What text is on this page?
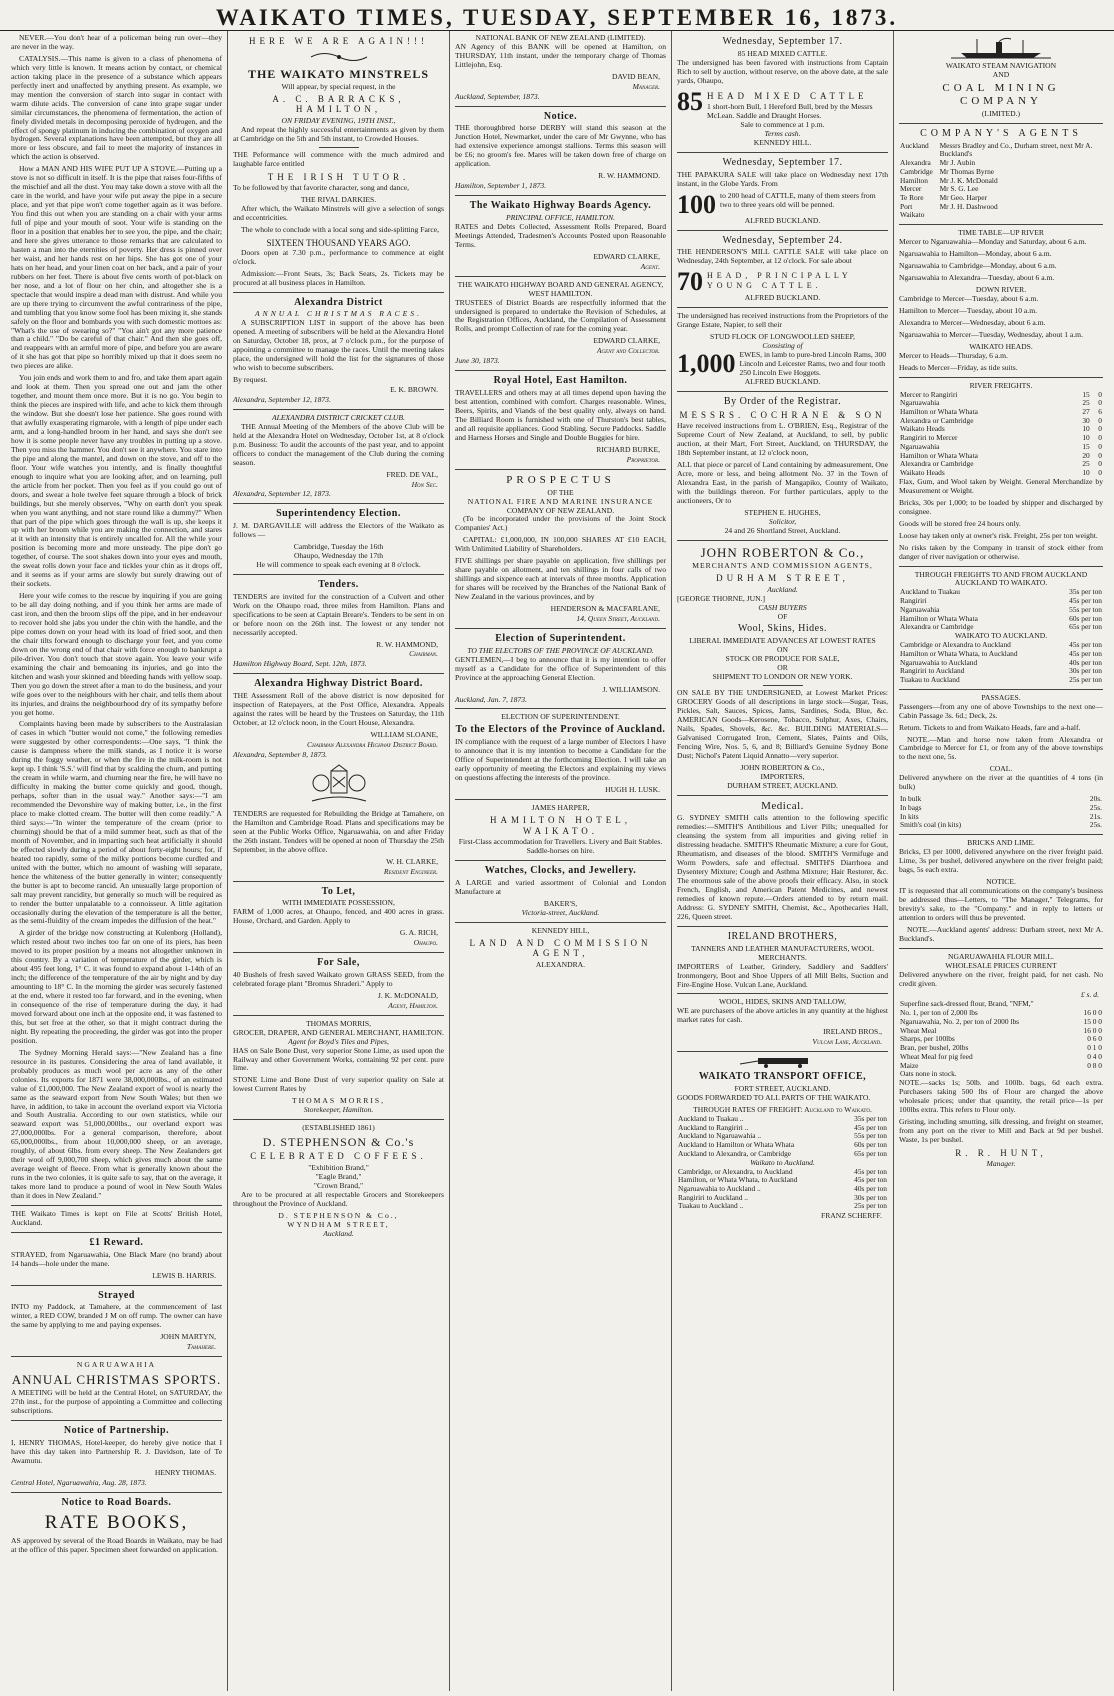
WAIKATO TIMES, TUESDAY, SEPTEMBER 16, 1873.

NEVER.—You don't hear of a policeman being run over—they are never in the way.

CATALYSIS.—This name is given to a class of phenomena of which very little is known. It means action by contact, or chemical action taking place in the presence of a substance which appears perfectly inert and unaffected by anything present. As example, we may mention the conversion of starch into sugar in contact with warm dilute acids. The conversion of cane into grape sugar under similar circumstances, the phenomena of fermentation, the action of finely divided metals in decomposing peroxide of hydrogen, and the effect of spongy platinum in inducing the combination of oxygen and hydrogen. Several explanations have been attempted, but they are all more or less obscure, and fail to meet the majority of instances in which the action is observed.

How a MAN AND HIS WIFE PUT UP A STOVE.—Putting up a stove is not so difficult in itself. It is the pipe that raises four-fifths of the mischief and all the dust. You may take down a stove with all the care in the world, and have your wife put away the pipe in a secure place, and yet that pipe won't come together again as it was before. You find this out when you are standing on a chair with your arms full of pipe and your mouth of soot. Your wife is standing on the floor in a position that enables her to see you, the pipe, and the chair; and here she gives utterance to those remarks that are calculated to hasten a man into the eternities of poverty. Her dress is pinned over her waist, and her hands rest on her hips. She has got one of your hats on her head, and your linen coat on her back, and a pair of your rubbers on her feet. There is about five cents worth of pot-black on her nose, and a lot of flour on her chin, and altogether she is a spectacle that would inspire a dead man with distrust. And while you are up there trying to circumvent the awful contrariness of the pipe, and tumbling that you know some fool has been mixing it, she stands safely on the floor and bombards you with such domestic mottoes as: "What's the use of swearing so?" "You ain't got any more patience than a child." "Do be careful of that chair." And then she goes off, and reappears with an armful more of pipe, and before you are aware of it she has got that pipe so horribly mixed up that it does seem no two pieces are alike.

You join ends and work them to and fro, and take them apart again and look at them. Then you spread one out and jam the other together, and mount them once more. But it is no go. You begin to think the pieces are inspired with life, and ache to kick them through the window. But she doesn't lose her patience. She goes round with that awfully exasperating rigmarole, with a length of pipe under each arm, and a long-handled broom in her hand, and says she don't see how it is some people never have any troubles in putting up a stove. Then you miss the hammer. You don't see it anywhere. You stare into the pipe and along the mantel, and down on the stove, and off to the floor. Your wife watches you intently, and is finally thoughtful enough to inquire what you are looking after, and on learning, pull the article from her pocket. Then you feel as if you could go out of doors, and swear a hole twelve feet square through a block of brick buildings, but she merely observes, "Why on earth don't you speak when you want anything, and not stare round like a dummy?" When that part of the pipe which goes through the wall is up, she keeps it up with her broom while you are making the connection, and stares at it with an intensity that is entirely uncalled for. All the while your position is becoming more and more unsteady. The pipe don't go together, of course. The soot shakes down into your eyes and mouth, the sweat rolls down your face and tickles your chin as it drops off, and it seems as if your arms are slowly but surely drawing out of their sockets.

Here your wife comes to the rescue by inquiring if you are going to be all day doing nothing, and if you think her arms are made of cast iron, and then the broom slips off the pipe, and in her endeavour to recover hold she jabs you under the chin with the handle, and the pipe comes down on your head with its load of fried soot, and then the chair tilts forward enough to discharge your feet, and you come down on the wrong end of that chair with force enough to bankrupt a pile-driver. You don't touch that stove again. You leave your wife examining the chair and bemoaning its injuries, and go into the kitchen and wash your skinned and bleeding hands with yellow soap. Then you go down the street after a man to do the business, and your wife goes over to the neighbours with her chair, and tells them about its injuries, and drains the neighbourhood dry of its sympathy before you get home.

Complaints having been made by subscribers to the Australasian of cases in which "butter would not come," the following remedies were suggested by other correspondents:—One says, "I think the cause is dampness where the milk stands, as I notice it is worse during the foggy weather, or when the fire in the milk-room is not kept up. I think 'S.S.' will find that by scalding the churn, and putting the cream in while warm, and churning near the fire, he will have no difficulty in making the butter come quickly and good, though, perhaps, softer than in the usual way." Another says:—"I am recommended the Devonshire way of making butter, i.e., in the first place to make clotted cream. The butter will then come readily." A third says:—"In winter the temperature of the cream (prior to churning) should be that of a mild summer heat, such as that of the month of November, and in imparting such heat artificially it should be effected slowly during a period of about forty-eight hours; for, if heated too rapidly, some of the milky portions become curdled and united with the butter, which no amount of washing will separate, hence the whiteness of the butter generally in winter; consequently the butter is apt to become rancid. An unusually large proportion of salt may prevent rancidity, but generally so much will be required as to render the butter unpalatable to a connoisseur. A little agitation occasionally during the elevation of the temperature is all the better, as the semi-fluidity of the cream impedes the diffusion of the heat."

A girder of the bridge now constructing at Kulenborg (Holland), which rested about two inches too far on one of its piers, has been moved to its proper position by a means not altogether unknown in this country. By a variation of temperature of the girder, which is about 495 feet long, 1° C. it was found to expand about 1-14th of an inch; the difference of the temperature of the air by night and by day amounting to 18° C. In the morning the girder was securely fastened at the end, where it rested too far forward, and in the evening, when in consequence of the rise of temperature during the day, it had moved forward about one inch at the opposite end, it was fastened to this, but set free at the other, so that it might contract during the night. By repeating the proceeding, the girder was got into the proper position.

The Sydney Morning Herald says:—"New Zealand has a fine resource in its pastures. Considering the area of land available, it probably produces as much wool per acre as any of the other colonies. Its exports for 1871 were 38,000,000lbs., of an estimated value of £1,000,000. The New Zealand export of wool is nearly the same as the seaward export from New South Wales; but then we have, in addition, to take in account the overland export via Victoria and South Australia. According to our own statistics, while our seaward export was 51,000,000lbs., our overland export was 27,000,000lbs. For a general comparison, therefore, about 65,000,000lbs., from about 10,000,000 sheep, or an average, roughly, of about 6lbs. from every sheep. The New Zealanders get their wool off 9,000,700 sheep, which gives much about the same average weight of fleece. From what is generally known about the runs in the two colonies, it is quite safe to say, that on the average, it takes more land to produce a pound of wool in New South Wales than it does in New Zealand."

THE Waikato Times is kept on File at Scotts' British Hotel, Auckland.

£1 Reward.

STRAYED, from Ngaruawahia, One Black Mare (no brand) about 14 hands—hole under the mane.

LEWIS B. HARRIS.
Strayed

INTO my Paddock, at Tamahere, at the commencement of last winter, a RED COW, branded J M on off rump. The owner can have the same by applying to me and paying expenses.

JOHN MARTYN,
Tamahere.
NGARUAWAHIA
ANNUAL CHRISTMAS SPORTS.

A MEETING will be held at the Central Hotel, on SATURDAY, the 27th inst., for the purpose of appointing a Committee and collecting subscriptions.

Notice of Partnership.

I, HENRY THOMAS, Hotel-keeper, do hereby give notice that I have this day taken into Partnership R. J. Davidson, late of Te Awamutu.

HENRY THOMAS.

Central Hotel, Ngaruawahia, Aug. 28, 1873.

Notice to Road Boards.
RATE BOOKS,

AS approved by several of the Road Boards in Waikato, may be had at the office of this paper. Specimen sheet forwarded on application.

HERE WE ARE AGAIN!!!
THE WAIKATO MINSTRELS
Will appear, by special request, in the
A. C. BARRACKS, HAMILTON,
ON FRIDAY EVENING, 19TH INST.,

And repeat the highly successful entertainments as given by them at Cambridge on the 5th and 5th instant, to Crowded Houses.

THE Peformance will commence with the much admired and laughable farce entitled

THE IRISH TUTOR.

To be followed by that favorite character, song and dance,

THE RIVAL DARKIES.

After which, the Waikato Minstrels will give a selection of songs and eccentricities.

The whole to conclude with a local song and side-splitting Farce,

SIXTEEN THOUSAND YEARS AGO.

Doors open at 7.30 p.m., performance to commence at eight o'clock.

Admission:—Front Seats, 3s; Back Seats, 2s. Tickets may be procured at all business places in Hamilton.

Alexandra District
ANNUAL CHRISTMAS RACES.

A SUBSCRIPTION LIST in support of the above has been opened. A meeting of subscribers will be held at the Alexandra Hotel on Saturday, October 18, prox, at 7 o'clock p.m., for the purpose of appointing a committee to manage the races. Until the meeting takes place, the undersigned will hold the list for the signatures of those who wish to become subscribers.

By request.
E. K. BROWN.
Alexandra, September 12, 1873.
ALEXANDRA DISTRICT CRICKET CLUB.

THE Annual Meeting of the Members of the above Club will be held at the Alexandra Hotel on Wednesday, October 1st, at 8 o'clock p.m. Business: To audit the accounts of the past year, and to appoint officers to conduct the management of the Club during the coming season.

FRED. DE VAL,
Hon Sec.
Alexandra, September 12, 1873.
Superintendency Election.

J. M. DARGAVILLE will address the Electors of the Waikato as follows —

Cambridge, Tuesday the 16th
Ohaupo, Wednesday the 17th
He will commence to speak each evening at 8 o'clock.
Tenders.

TENDERS are invited for the construction of a Culvert and other Work on the Ohaupo road, three miles from Hamilton. Plans and specifications to be seen at Captain Breare's. Tenders to be sent in on or before noon on the 26th inst. The lowest or any tender not necessarily accepted.

R. W. HAMMOND,
Chairman.
Hamilton Highway Board, Sept. 12th, 1873.
Alexandra Highway District Board.

THE Assessment Roll of the above district is now deposited for inspection of Ratepayers, at the Post Office, Alexandra. Appeals against the rates will be heard by the Trustees on Saturday, the 11th October, at 12 o'clock noon, in the Court House, Alexandra.

WILLIAM SLOANE,
Chairman Alexandra Highway District Board.
Alexandra, September 8, 1873.

TENDERS are requested for Rebuilding the Bridge at Tamahere, on the Hamilton and Cambridge Road. Plans and specifications may be seen at the Public Works Office, Ngaruawahia, on and after Friday the 26th instant. Tenders will be opened at noon of Thursday the 25th September, in the above office.

W. H. CLARKE,
Resident Engineer.
To Let,
WITH IMMEDIATE POSSESSION,

FARM of 1,000 acres, at Ohaupo, fenced, and 400 acres in grass. House, Orchard, and Garden. Apply to

G. A. RICH,
Ohaupo.
For Sale,

40 Bushels of fresh saved Waikato grown GRASS SEED, from the celebrated forage plant "Bromus Shraderi." Apply to

J. K. McDONALD,
Agent, Hamilton.
THOMAS MORRIS,
GROCER, DRAPER, AND GENERAL MERCHANT, HAMILTON.
Agent for Boyd's Tiles and Pipes,

HAS on Sale Bone Dust, very superior Stone Lime, as used upon the Railway and other Government Works, containing 92 per cent. pure lime.

STONE Lime and Bone Dust of very superior quality on Sale at lowest Current Rates by

THOMAS MORRIS,
Storekeeper, Hamilton.
(ESTABLISHED 1861)
D. STEPHENSON & Co.'s
CELEBRATED COFFEES.
"Exhibition Brand,"
"Eagle Brand,"
"Crown Brand,"

Are to be procured at all respectable Grocers and Storekeepers throughout the Province of Auckland.

D. STEPHENSON & Co.,
WYNDHAM STREET,
Auckland.
NATIONAL BANK OF NEW ZEALAND (LIMITED).

AN Agency of this BANK will be opened at Hamilton, on THURSDAY, 11th instant, under the temporary charge of Thomas Littlejohn, Esq.

DAVID BEAN,
Manager.
Auckland, September, 1873.
Notice.

THE thoroughbred horse DERBY will stand this season at the Junction Hotel, Newmarket, under the care of Mr Gwynne, who has had extensive experience amongst stallions. Terms this season will be £6; no groom's fee. Mares will be taken down free of charge on application.

R. W. HAMMOND.
Hamilton, September 1, 1873.
The Waikato Highway Boards Agency.
PRINCIPAL OFFICE, HAMILTON.

RATES and Debts Collected, Assessment Rolls Prepared, Board Meetings Attended, Tradesmen's Accounts Posted upon Reasonable Terms.

EDWARD CLARKE,
Agent.
THE WAIKATO HIGHWAY BOARD AND GENERAL AGENCY,
WEST HAMILTON.

TRUSTEES of District Boards are respectfully informed that the undersigned is prepared to undertake the Revision of Schedules, at the Registration Offices, Auckland, the Compilation of Assessment Rolls, and prompt Collection of rate for the coming year.

EDWARD CLARKE,
Agent and Collector.
June 30, 1873.
Royal Hotel, East Hamilton.

TRAVELLERS and others may at all times depend upon having the best attention, combined with comfort. Charges reasonable. Wines, Beers, Spirits, and Viands of the best quality only, always on hand. The Billiard Room is furnished with one of Thurston's best tables, and all requisite appliances. Good Stabling. Secure Paddocks. Saddle and Harness Horses and Single and Double Buggies for hire.

RICHARD BURKE,
Proprietor.
PROSPECTUS
OF THE
NATIONAL FIRE AND MARINE INSURANCE
COMPANY OF NEW ZEALAND.

(To be incorporated under the provisions of the Joint Stock Companies' Act.)

CAPITAL: £1,000,000, IN 100,000 SHARES AT £10 EACH, With Unlimited Liability of Shareholders.

FIVE shillings per share payable on application, five shillings per share payable on allotment, and ten shillings in four calls of two shillings and sixpence each at intervals of three months. Application for shares will be received by the Branches of the National Bank of New Zealand in the various provinces, and by

HENDERSON & MACFARLANE,
14, Queen Street, Auckland.
Election of Superintendent.
TO THE ELECTORS OF THE PROVINCE OF AUCKLAND.

GENTLEMEN,—I beg to announce that it is my intention to offer myself as a Candidate for the office of Superintendent of this Province at the approaching General Election.

J. WILLIAMSON.
Auckland, Jan. 7, 1873.
ELECTION OF SUPERINTENDENT.
To the Electors of the Province of Auckland.

IN compliance with the request of a large number of Electors I have to announce that it is my intention to become a Candidate for the Office of Superintendent at the forthcoming Election. I will take an early opportunity of meeting the Electors and explaining my views on questions affecting the interests of the province.

HUGH H. LUSK.
JAMES HARPER,
HAMILTON HOTEL, WAIKATO.

First-Class accommodation for Travellers. Livery and Bait Stables. Saddle-horses on hire.

Watches, Clocks, and Jewellery.

A LARGE and varied assortment of Colonial and London Manufacture at

BAKER'S,
Victoria-street, Auckland.
KENNEDY HILL,
LAND AND COMMISSION AGENT,
ALEXANDRA.
Wednesday, September 17.
85 HEAD MIXED CATTLE.

The undersigned has been favored with instructions from Captain Rich to sell by auction, without reserve, on the above date, at the sale yards, Ohaupo,

85 HEAD MIXED CATTLE
1 short-horn Bull, 1 Hereford Bull, bred by the Messrs McLean. Saddle and Draught Horses.
Sale to commence at 1 p.m.
Terms cash.
KENNEDY HILL.
Wednesday, September 17.

THE PAPAKURA SALE will take place on Wednesday next 17th instant, in the Globe Yards. From

100 to 200 head of CATTLE, many of them steers from two to three years old will be penned.
ALFRED BUCKLAND.
Wednesday, September 24.

THE HENDERSON'S MILL CATTLE SALE will take place on Wednesday, 24th September, at 12 o'clock. For sale about

70 HEAD, PRINCIPALLY YOUNG CATTLE.
ALFRED BUCKLAND.

The undersigned has received instructions from the Proprietors of the Grange Estate, Napier, to sell their

STUD FLOCK OF LONGWOOLLED SHEEP,
Consisting of
1,000 EWES, in lamb to pure-bred Lincoln Rams, 300 Lincoln and Leicester Rams, two and four tooth 250 Lincoln Ewe Hoggets.
ALFRED BUCKLAND.
By Order of the Registrar.
MESSRS. COCHRANE & SON

Have received instructions from L. O'BRIEN, Esq., Registrar of the Supreme Court of New Zealand, at Auckland, to sell, by public auction, at their Mart, Fort Street, Auckland, on THURSDAY, the 18th September instant, at 12 o'clock noon,

ALL that piece or parcel of Land containing by admeasurement, One Acre, more or less, and being allotment No. 37 in the Town of Alexandra East, in the parish of Mangapiko, County of Waikato, with the buildings thereon. For further particulars, apply to the auctioneers, Or to

STEPHEN E. HUGHES,
Solicitor,
24 and 26 Shortland Street, Auckland.
JOHN ROBERTON & Co.,
MERCHANTS AND COMMISSION AGENTS,
DURHAM STREET,
Auckland.
[GEORGE THORNE, JUN.]
CASH BUYERS
OF
Wool, Skins, Hides.
LIBERAL IMMEDIATE ADVANCES AT LOWEST RATES
ON
STOCK OR PRODUCE FOR SALE,
OR
SHIPMENT TO LONDON OR NEW YORK.

ON SALE BY THE UNDERSIGNED, at Lowest Market Prices: GROCERY Goods of all descriptions in large stock—Sugar, Teas, Pickles, Salt, Sauces, Spices, Jams, Sardines, Soda, Blue, &c. AMERICAN Goods—Kerosene, Tobacco, Sulphur, Axes, Chairs, Nails, Spades, Shovels, &c. &c. BUILDING MATERIALS—Galvanised Corrugated Iron, Cement, Slates, Paints and Oils, Fencing Wire, Nos. 5, 6, and 8; Billiard's Genuine Sydney Bone Dust; Nichol's Patent Liquid Annatto—very superior.

JOHN ROBERTON & Co.,
IMPORTERS,
DURHAM STREET, AUCKLAND.
Medical.

G. SYDNEY SMITH calls attention to the following specific remedies:—SMITH'S Antibilious and Liver Pills; unequalled for cleansing the system from all impurities and giving relief in distressing headache. SMITH'S Rheumatic Mixture; a cure for Gout, Rheumatism, and diseases of the blood. SMITH'S Vermifuge and Worm Powders, safe and effectual. SMITH'S Diarrhoea and Dysentery Mixture; Cough and Asthma Mixture; Hair Restorer, &c. The enormous sale of the above proofs their efficacy. Also, in stock French, English, and American Patent Medicines, and newest remedies of known repute.—Orders attended to by return mail. Address: G. SYDNEY SMITH, Chemist, &c., Apothecaries Hall, 226, Queen street.

IRELAND BROTHERS,
TANNERS AND LEATHER MANUFACTURERS, WOOL MERCHANTS.

IMPORTERS of Leather, Grindery, Saddlery and Saddlers' Ironmongery, Boot and Shoe Uppers of all Mill Belts, Suction and Fire-Engine Hose. Vulcan Lane, Auckland.

WOOL, HIDES, SKINS AND TALLOW,

WE are purchasers of the above articles in any quantity at the highest market rates for cash.

IRELAND BROS.,
Vulcan Lane, Auckland.
WAIKATO TRANSPORT OFFICE,
FORT STREET, AUCKLAND.

GOODS FORWARDED TO ALL PARTS OF THE WAIKATO.

THROUGH RATES OF FREIGHT: Auckland to Waikato.
Auckland to Tuakau ..	35s per ton
Auckland to Rangiriri ..	45s per ton
Auckland to Ngaruawahia ..	55s per ton
Auckland to Hamilton or Whata Whata	60s per ton
Auckland to Alexandra, or Cambridge	65s per ton
Waikato to Auckland.
Cambridge, or Alexandra, to Auckland	45s per ton
Hamilton, or Whata Whata, to Auckland	45s per ton
Ngaruawahia to Auckland ..	40s per ton
Rangiriri to Auckland ..	30s per ton
Tuakau to Auckland ..	25s per ton
FRANZ SCHERFF.
WAIKATO STEAM NAVIGATION
AND
COAL MINING COMPANY
(LIMITED.)
COMPANY'S AGENTS
Auckland	Messrs Bradley and Co., Durham street, next Mr A. Buckland's
Alexandra	Mr J. Aubin
Cambridge	Mr Thomas Byrne
Hamilton	Mr J. K. McDonald
Mercer	Mr S. G. Lee
Te Rore	Mr Geo. Harper
Port Waikato	Mr J. H. Dashwood
TIME TABLE—UP RIVER

Mercer to Ngaruawahia—Monday and Saturday, about 6 a.m.

Ngaruawahia to Hamilton—Monday, about 6 a.m.

Ngaruawahia to Cambridge—Monday, about 6 a.m.

Ngaruawahia to Alexandra—Tuesday, about 6 a.m.

DOWN RIVER.

Cambridge to Mercer—Tuesday, about 6 a.m.

Hamilton to Mercer—Tuesday, about 10 a.m.

Alexandra to Mercer—Wednesday, about 6 a.m.

Ngaruawahia to Mercer—Tuesday, Wednesday, about 1 a.m.

WAIKATO HEADS.

Mercer to Heads—Thursday, 6 a.m.

Heads to Mercer—Friday, as tide suits.

RIVER FREIGHTS.
Mercer to Rangiriri	15	0
Ngaruawahia	25	0
Hamilton or Whata Whata	27	6
Alexandra or Cambridge	30	0
Waikato Heads	10	0
Rangiriri to Mercer	10	0
Ngaruawahia	15	0
Hamilton or Whata Whata	20	0
Alexandra or Cambridge	25	0
Waikato Heads	10	0

Flax, Gum, and Wool taken by Weight. General Merchandize by Measurement or Weight.

Bricks, 30s per 1,000; to be loaded by shipper and discharged by consignee.

Goods will be stored free 24 hours only.

Loose hay taken only at owner's risk. Freight, 25s per ton weight.

No risks taken by the Company in transit of stock either from danger of river navigation or otherwise.

THROUGH FREIGHTS TO AND FROM AUCKLAND
AUCKLAND TO WAIKATO.
Auckland to Tuakau	35s per ton
Rangiriri	45s per ton
Ngaruawahia	55s per ton
Hamilton or Whata Whata	60s per ton
Alexandra or Cambridge	65s per ton
WAIKATO TO AUCKLAND.
Cambridge or Alexandra to Auckland	45s per ton
Hamilton or Whata Whata, to Auckland	45s per ton
Ngaruawahia to Auckland	40s per ton
Rangiriri to Auckland	30s per ton
Tuakau to Auckland	25s per ton
PASSAGES.

Passengers—from any one of above Townships to the next one—Cabin Passage 3s. 6d.; Deck, 2s.

Return. Tickets to and from Waikato Heads, fare and a-half.

NOTE.—Man and horse now taken from Alexandra or Cambridge to Mercer for £1, or from any of the above townships to the next one, 5s.

COAL.

Delivered anywhere on the river at the quantities of 4 tons (in bulk)

In bulk	20s.
In bags	25s.
In kits	21s.
Smith's coal (in kits)	25s.
BRICKS AND LIME.

Bricks, £3 per 1000, delivered anywhere on the river freight paid. Lime, 3s per bushel, delivered anywhere on the river freight paid; bags, 5s each extra.

NOTICE.

IT is requested that all communications on the company's business be addressed thus—Letters, to "The Manager," Telegrams, for brevity's sake, to the "Company." and in reply to letters or attention to orders will thus be prevented.

NOTE.—Auckland agents' address: Durham street, next Mr A. Buckland's.

NGARUAWAHIA FLOUR MILL.
WHOLESALE PRICES CURRENT

Delivered anywhere on the river, freight paid, for net cash. No credit given.

£ s. d.
Superfine sack-dressed flour, Brand, "NFM,"	
No. 1, per ton of 2,000 lbs	16 0 0
Ngaruawahia, No. 2, per ton of 2000 lbs	15 0 0
Wheat Meal	16 0 0
Sharps, per 100lbs	0 6 0
Bran, per bushel, 20lbs	0 1 0
Wheat Meal for pig feed	0 4 0
Maize	0 8 0
Oats none in stock.	

NOTE.—sacks 1s; 50lb. and 100lb. bags, 6d each extra. Purchasers taking 500 lbs of Flour are charged the above wholesale prices; under that quantity, the retail price—1s per 100lbs extra. This refers to Flour only.

Gristing, including smutting, silk dressing, and freight on steamer, from any port on the river to Mill and Back at 9d per bushel. Waste, 1s per bushel.

R. R. HUNT,
Manager.
